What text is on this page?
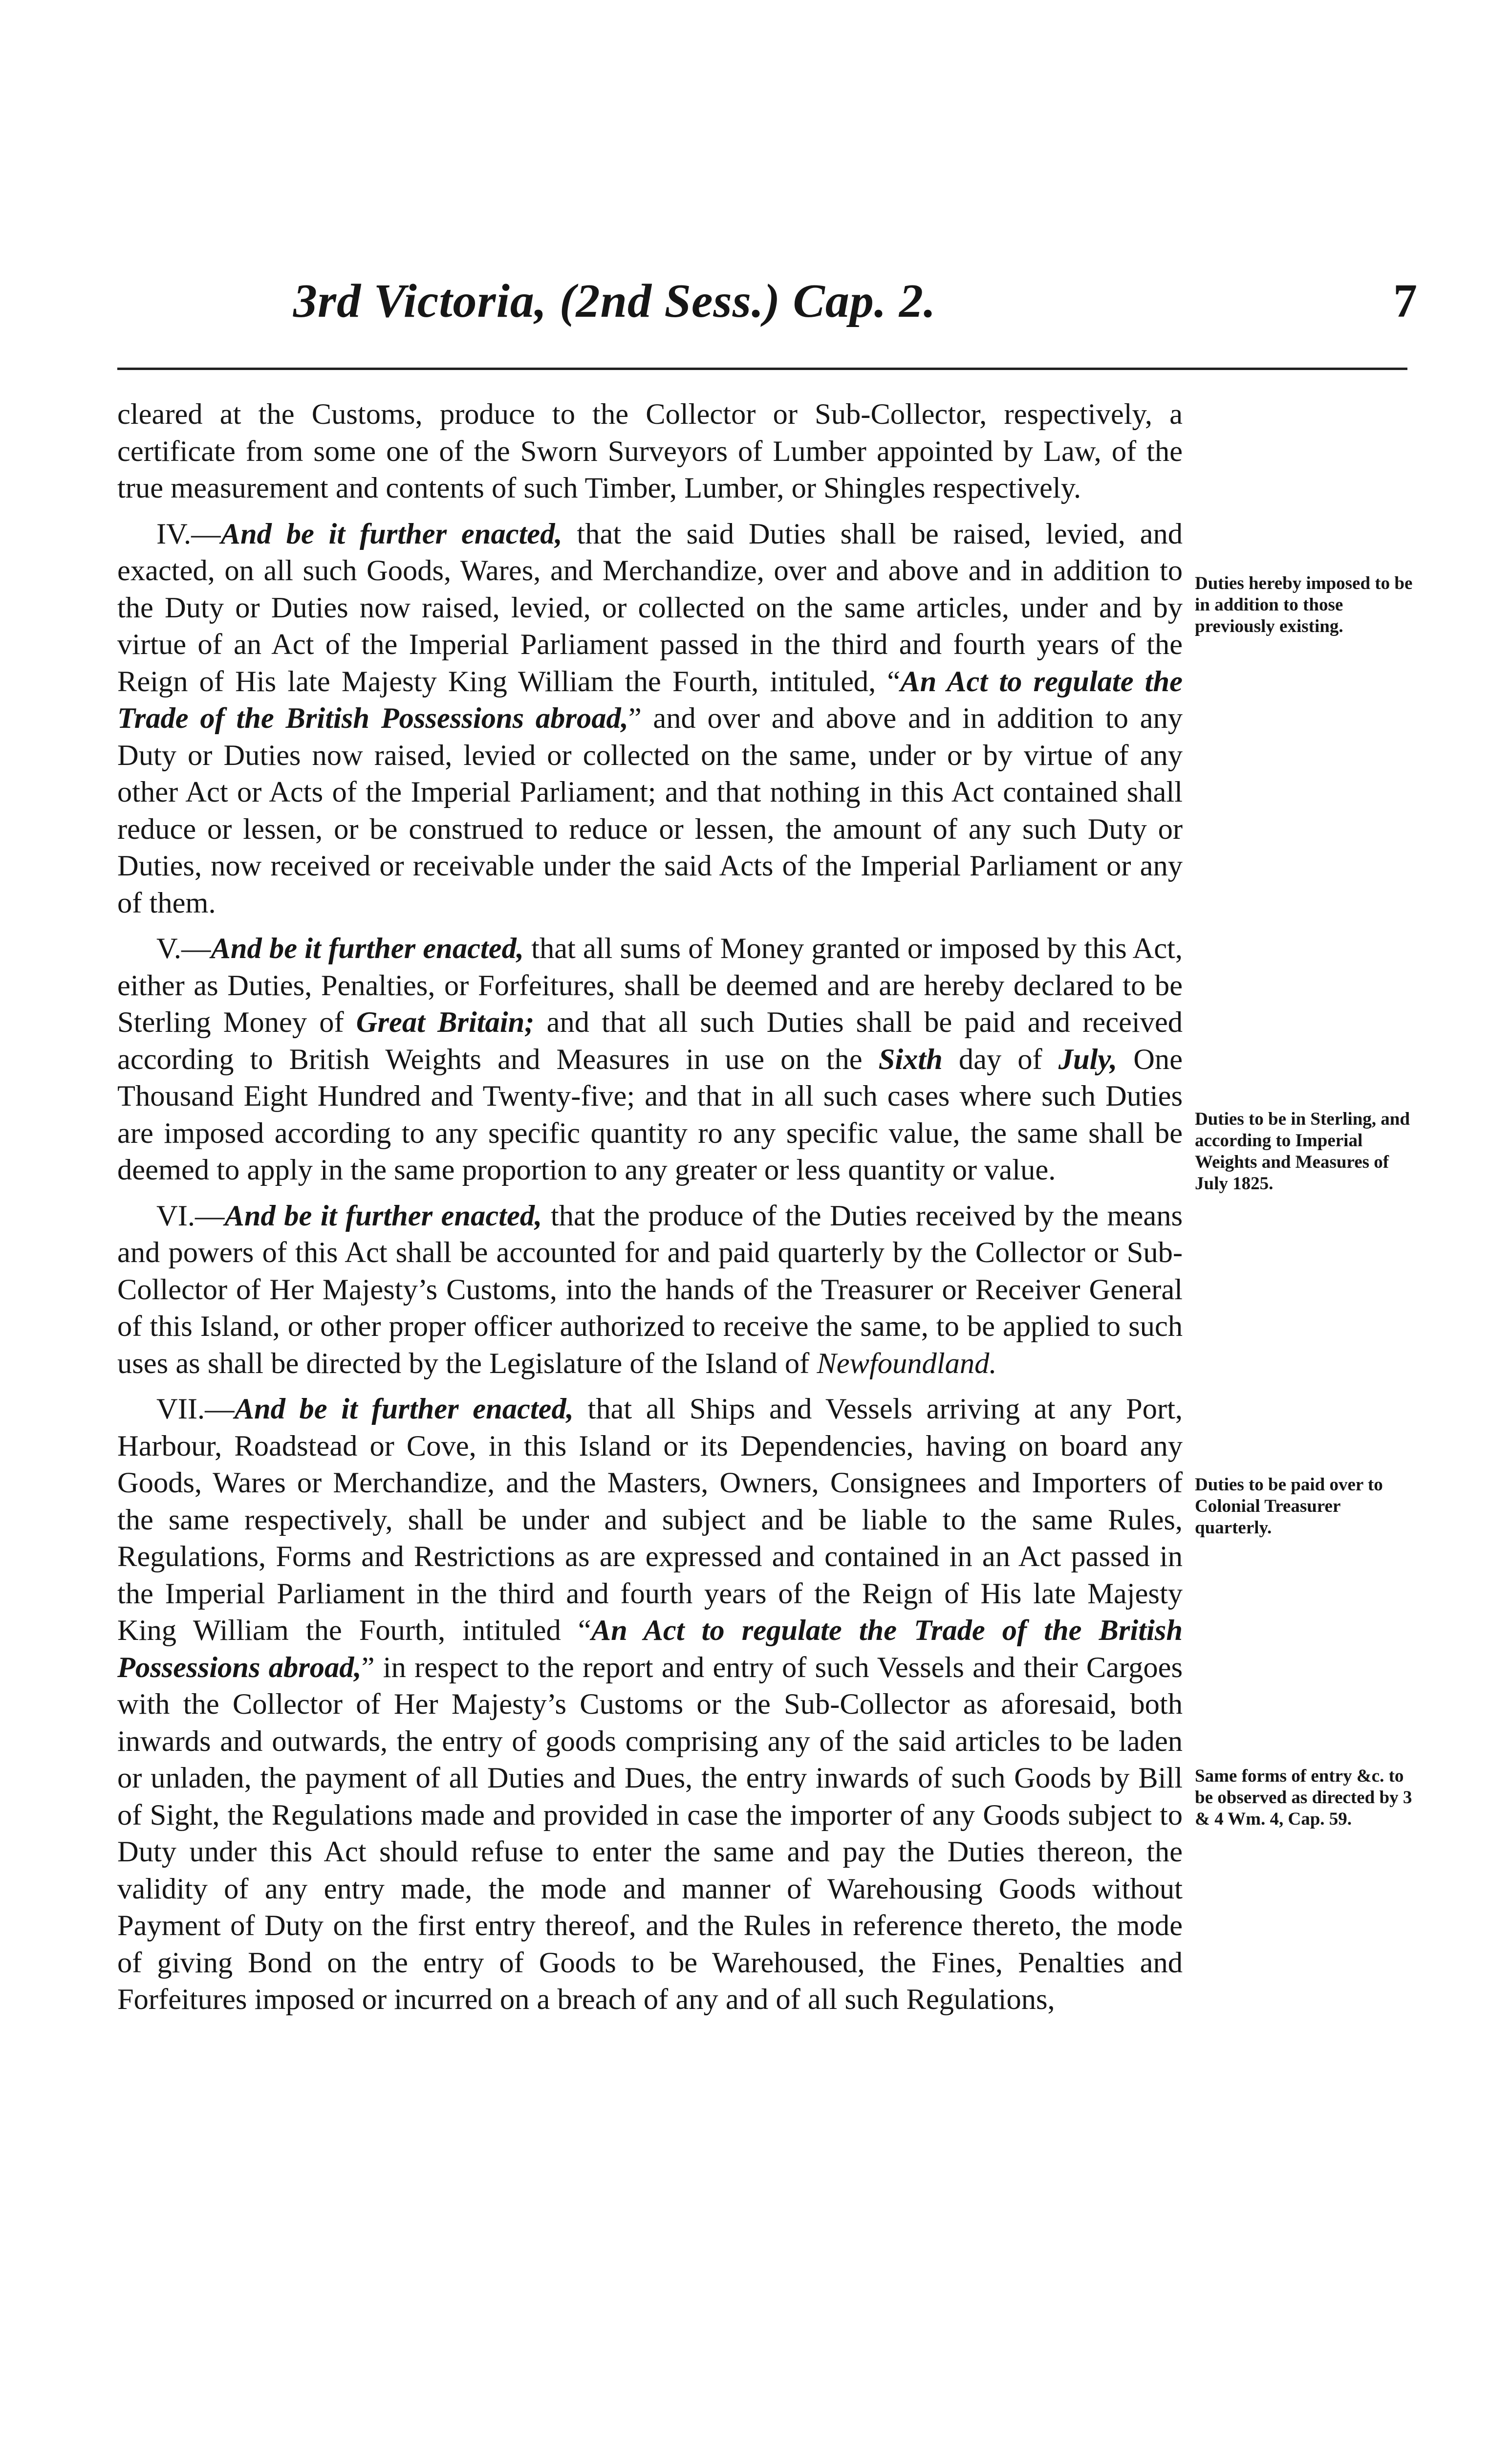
3rd Victoria, (2nd Sess.) Cap. 2.	7

cleared at the Customs, produce to the Collector or Sub-Collector, respectively, a certificate from some one of the Sworn Surveyors of Lumber appointed by Law, of the true measurement and contents of such Timber, Lumber, or Shingles respectively.

IV.—And be it further enacted, that the said Duties shall be raised, levied, and exacted, on all such Goods, Wares, and Merchandize, over and above and in addition to the Duty or Duties now raised, levied, or collected on the same articles, under and by virtue of an Act of the Imperial Parliament passed in the third and fourth years of the Reign of His late Majesty King William the Fourth, intituled, “An Act to regulate the Trade of the British Possessions abroad,” and over and above and in addition to any Duty or Duties now raised, levied or collected on the same, under or by virtue of any other Act or Acts of the Imperial Parliament; and that nothing in this Act contained shall reduce or lessen, or be construed to reduce or lessen, the amount of any such Duty or Duties, now received or receivable under the said Acts of the Imperial Parliament or any of them.

V.—And be it further enacted, that all sums of Money granted or imposed by this Act, either as Duties, Penalties, or Forfeitures, shall be deemed and are hereby declared to be Sterling Money of Great Britain; and that all such Duties shall be paid and received according to British Weights and Measures in use on the Sixth day of July, One Thousand Eight Hundred and Twenty-five; and that in all such cases where such Duties are imposed according to any specific quantity ro any specific value, the same shall be deemed to apply in the same proportion to any greater or less quantity or value.

VI.—And be it further enacted, that the produce of the Duties received by the means and powers of this Act shall be accounted for and paid quarterly by the Collector or Sub-Collector of Her Majesty’s Customs, into the hands of the Treasurer or Receiver General of this Island, or other proper officer authorized to receive the same, to be applied to such uses as shall be directed by the Legislature of the Island of Newfoundland.

VII.—And be it further enacted, that all Ships and Vessels arriving at any Port, Harbour, Roadstead or Cove, in this Island or its Dependencies, having on board any Goods, Wares or Merchandize, and the Masters, Owners, Consignees and Importers of the same respectively, shall be under and subject and be liable to the same Rules, Regulations, Forms and Restrictions as are expressed and contained in an Act passed in the Imperial Parliament in the third and fourth years of the Reign of His late Majesty King William the Fourth, intituled “An Act to regulate the Trade of the British Possessions abroad,” in respect to the report and entry of such Vessels and their Cargoes with the Collector of Her Majesty’s Customs or the Sub-Collector as aforesaid, both inwards and outwards, the entry of goods comprising any of the said articles to be laden or unladen, the payment of all Duties and Dues, the entry inwards of such Goods by Bill of Sight, the Regulations made and provided in case the importer of any Goods subject to Duty under this Act should refuse to enter the same and pay the Duties thereon, the validity of any entry made, the mode and manner of Warehousing Goods without Payment of Duty on the first entry thereof, and the Rules in reference thereto, the mode of giving Bond on the entry of Goods to be Warehoused, the Fines, Penalties and Forfeitures imposed or incurred on a breach of any and of all such Regulations,

Duties hereby imposed to be in addition to those previously existing.
Duties to be in Sterling, and according to Imperial Weights and Measures of July 1825.
Duties to be paid over to Colonial Treasurer quarterly.
Same forms of entry &c. to be observed as directed by 3 & 4 Wm. 4, Cap. 59.
